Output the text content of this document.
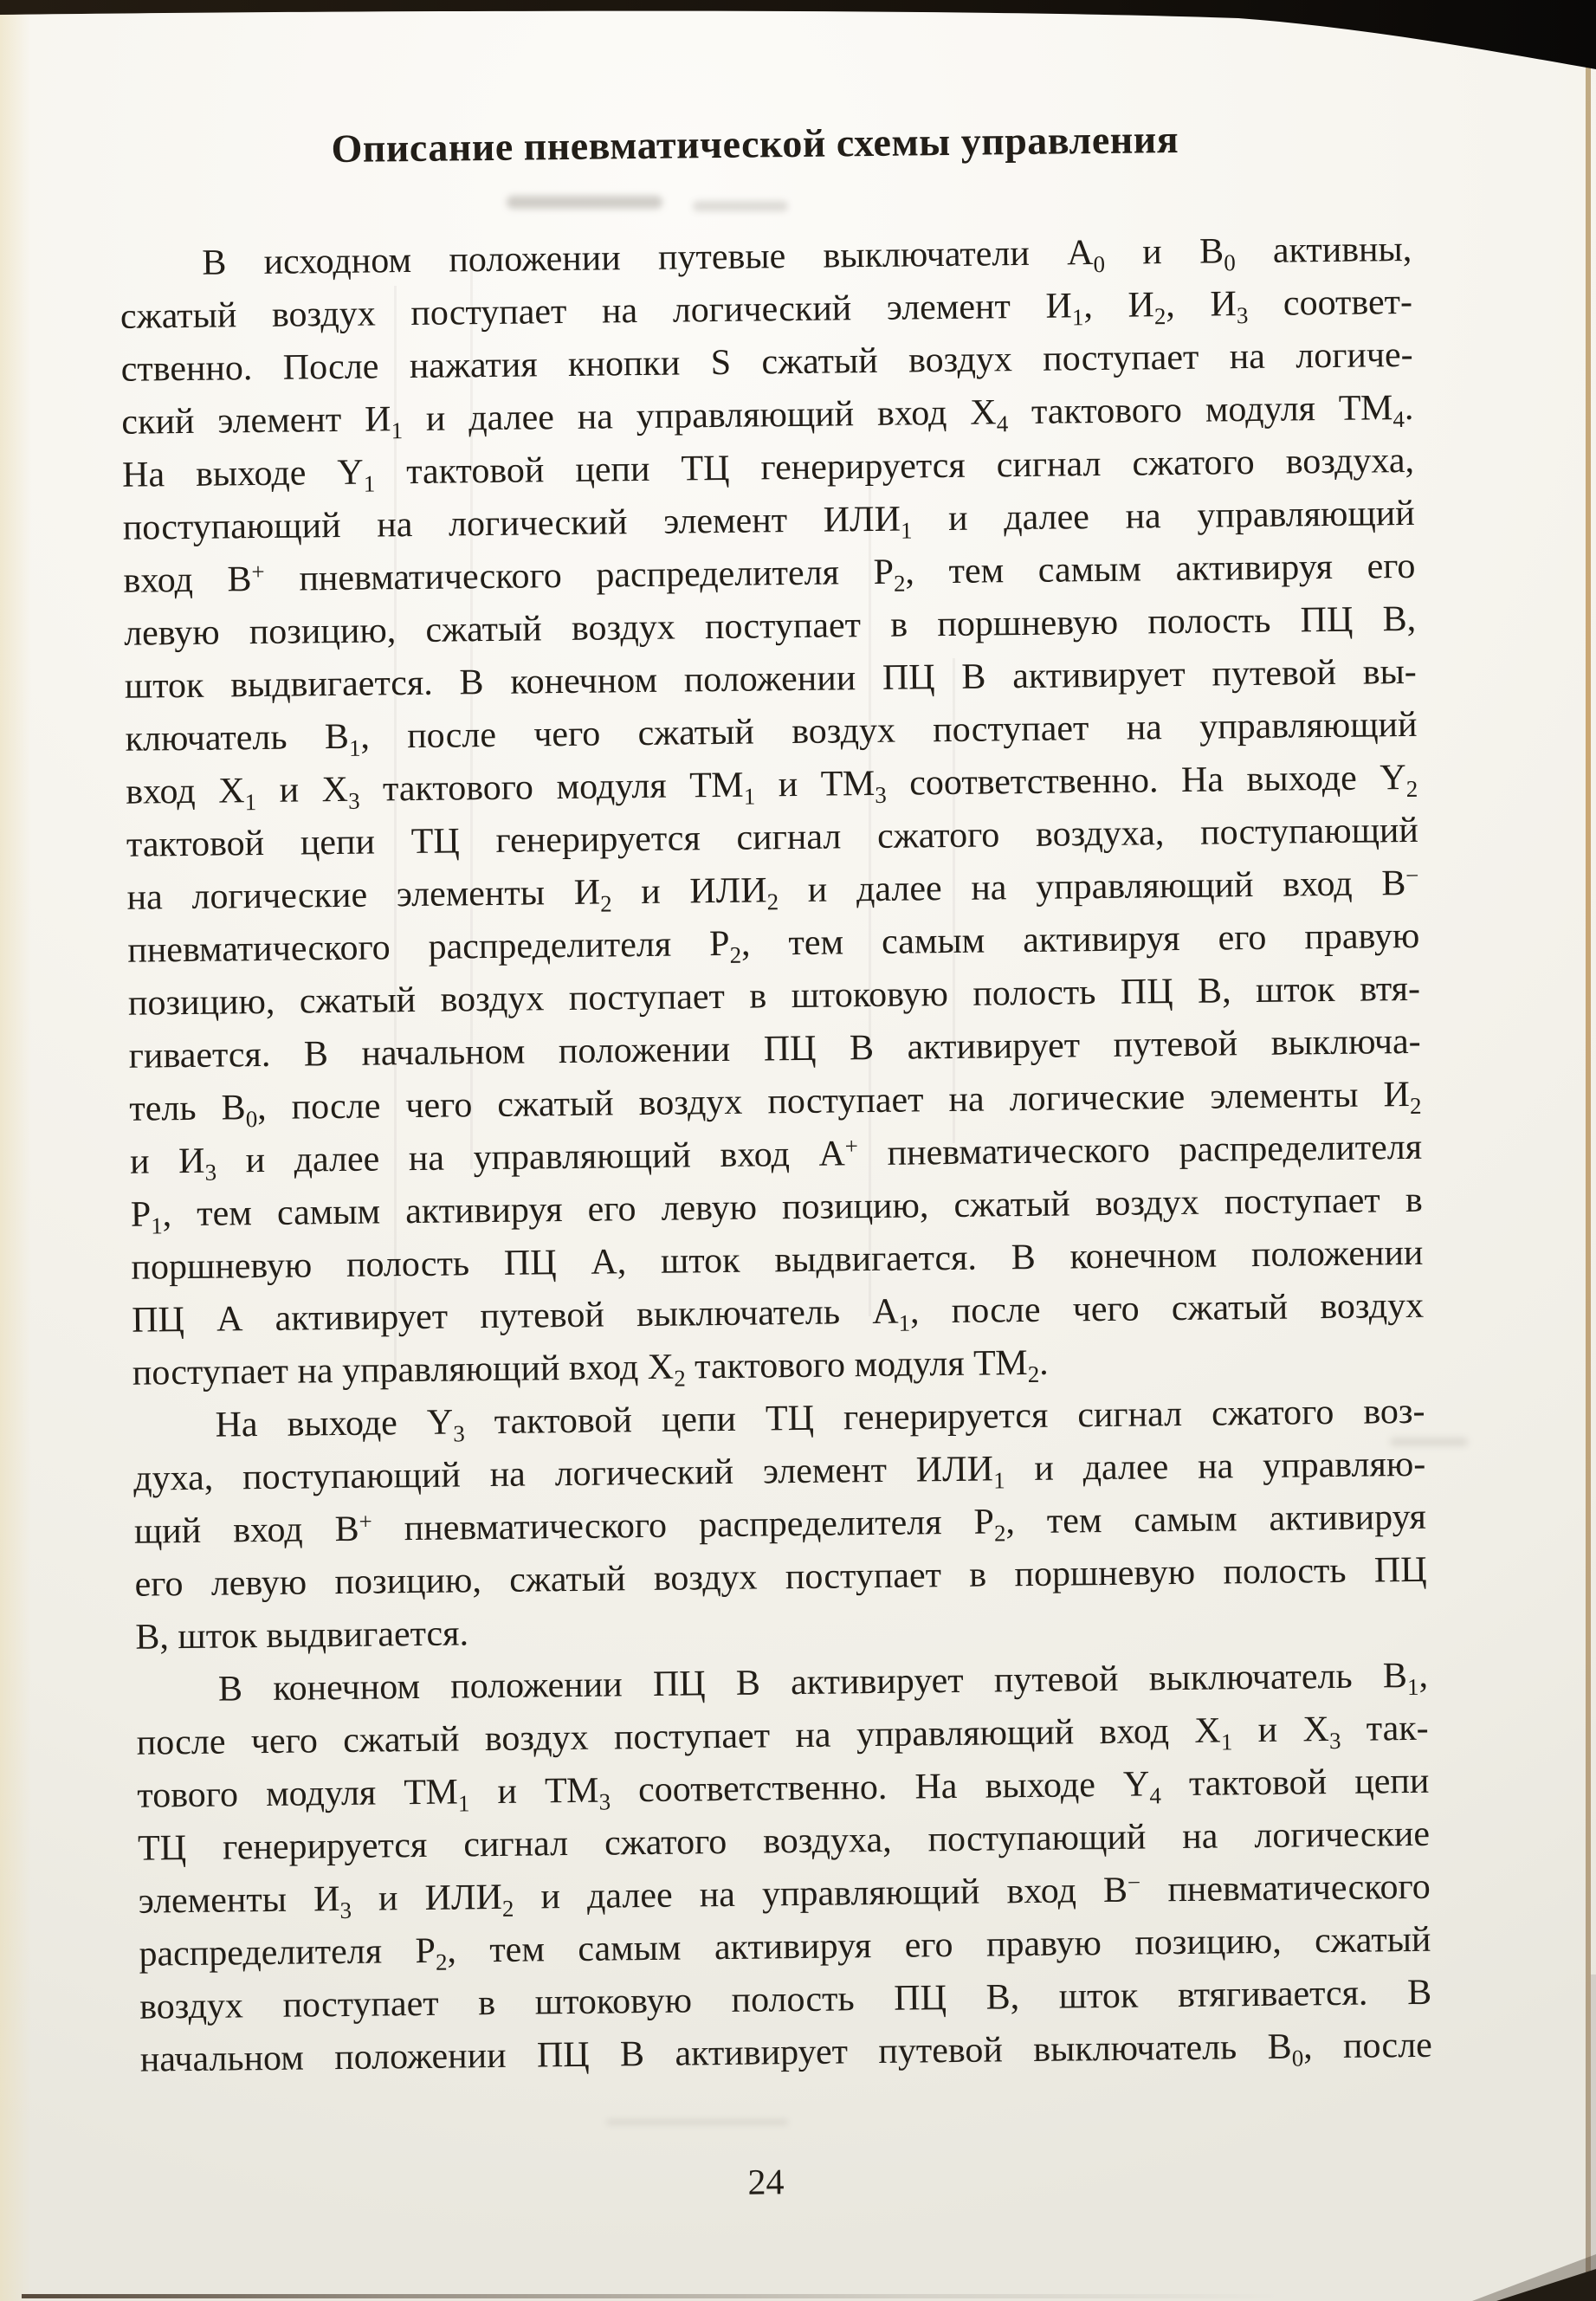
Описание пневматической схемы управления
В исходном положении путевые выключатели $А_0$ и $В_0$ активны,
сжатый воздух поступает на логический элемент $И_1$, $И_2$, $И_3$ соответ-
ственно. После нажатия кнопки S сжатый воздух поступает на логиче-
ский элемент $И_1$ и далее на управляющий вход $Х_4$ тактового модуля $ТМ_4$.
На выходе $Y_1$ тактовой цепи ТЦ генерируется сигнал сжатого воздуха,
поступающий на логический элемент $ИЛИ_1$ и далее на управляющий
вход В+ пневматического распределителя $Р_2$, тем самым активируя его
левую позицию, сжатый воздух поступает в поршневую полость ПЦ В,
шток выдвигается. В конечном положении ПЦ В активирует путевой вы-
ключатель $В_1$, после чего сжатый воздух поступает на управляющий
вход $Х_1$ и $Х_3$ тактового модуля $ТМ_1$ и $ТМ_3$ соответственно. На выходе $Y_2$
тактовой цепи ТЦ генерируется сигнал сжатого воздуха, поступающий
на логические элементы $И_2$ и $ИЛИ_2$ и далее на управляющий вход В−
пневматического распределителя $Р_2$, тем самым активируя его правую
позицию, сжатый воздух поступает в штоковую полость ПЦ В, шток втя-
гивается. В начальном положении ПЦ В активирует путевой выключа-
тель $В_0$, после чего сжатый воздух поступает на логические элементы $И_2$
и $И_3$ и далее на управляющий вход А+ пневматического распределителя
$Р_1$, тем самым активируя его левую позицию, сжатый воздух поступает в
поршневую полость ПЦ А, шток выдвигается. В конечном положении
ПЦ А активирует путевой выключатель $А_1$, после чего сжатый воздух
поступает на управляющий вход $Х_2$ тактового модуля $ТМ_2$.
На выходе $Y_3$ тактовой цепи ТЦ генерируется сигнал сжатого воз-
духа, поступающий на логический элемент $ИЛИ_1$ и далее на управляю-
щий вход В+ пневматического распределителя $Р_2$, тем самым активируя
его левую позицию, сжатый воздух поступает в поршневую полость ПЦ
В, шток выдвигается.
В конечном положении ПЦ В активирует путевой выключатель $В_1$,
после чего сжатый воздух поступает на управляющий вход $Х_1$ и $Х_3$ так-
тового модуля $ТМ_1$ и $ТМ_3$ соответственно. На выходе $Y_4$ тактовой цепи
ТЦ генерируется сигнал сжатого воздуха, поступающий на логические
элементы $И_3$ и $ИЛИ_2$ и далее на управляющий вход В− пневматического
распределителя $Р_2$, тем самым активируя его правую позицию, сжатый
воздух поступает в штоковую полость ПЦ В, шток втягивается. В
начальном положении ПЦ В активирует путевой выключатель $В_0$, после
24
